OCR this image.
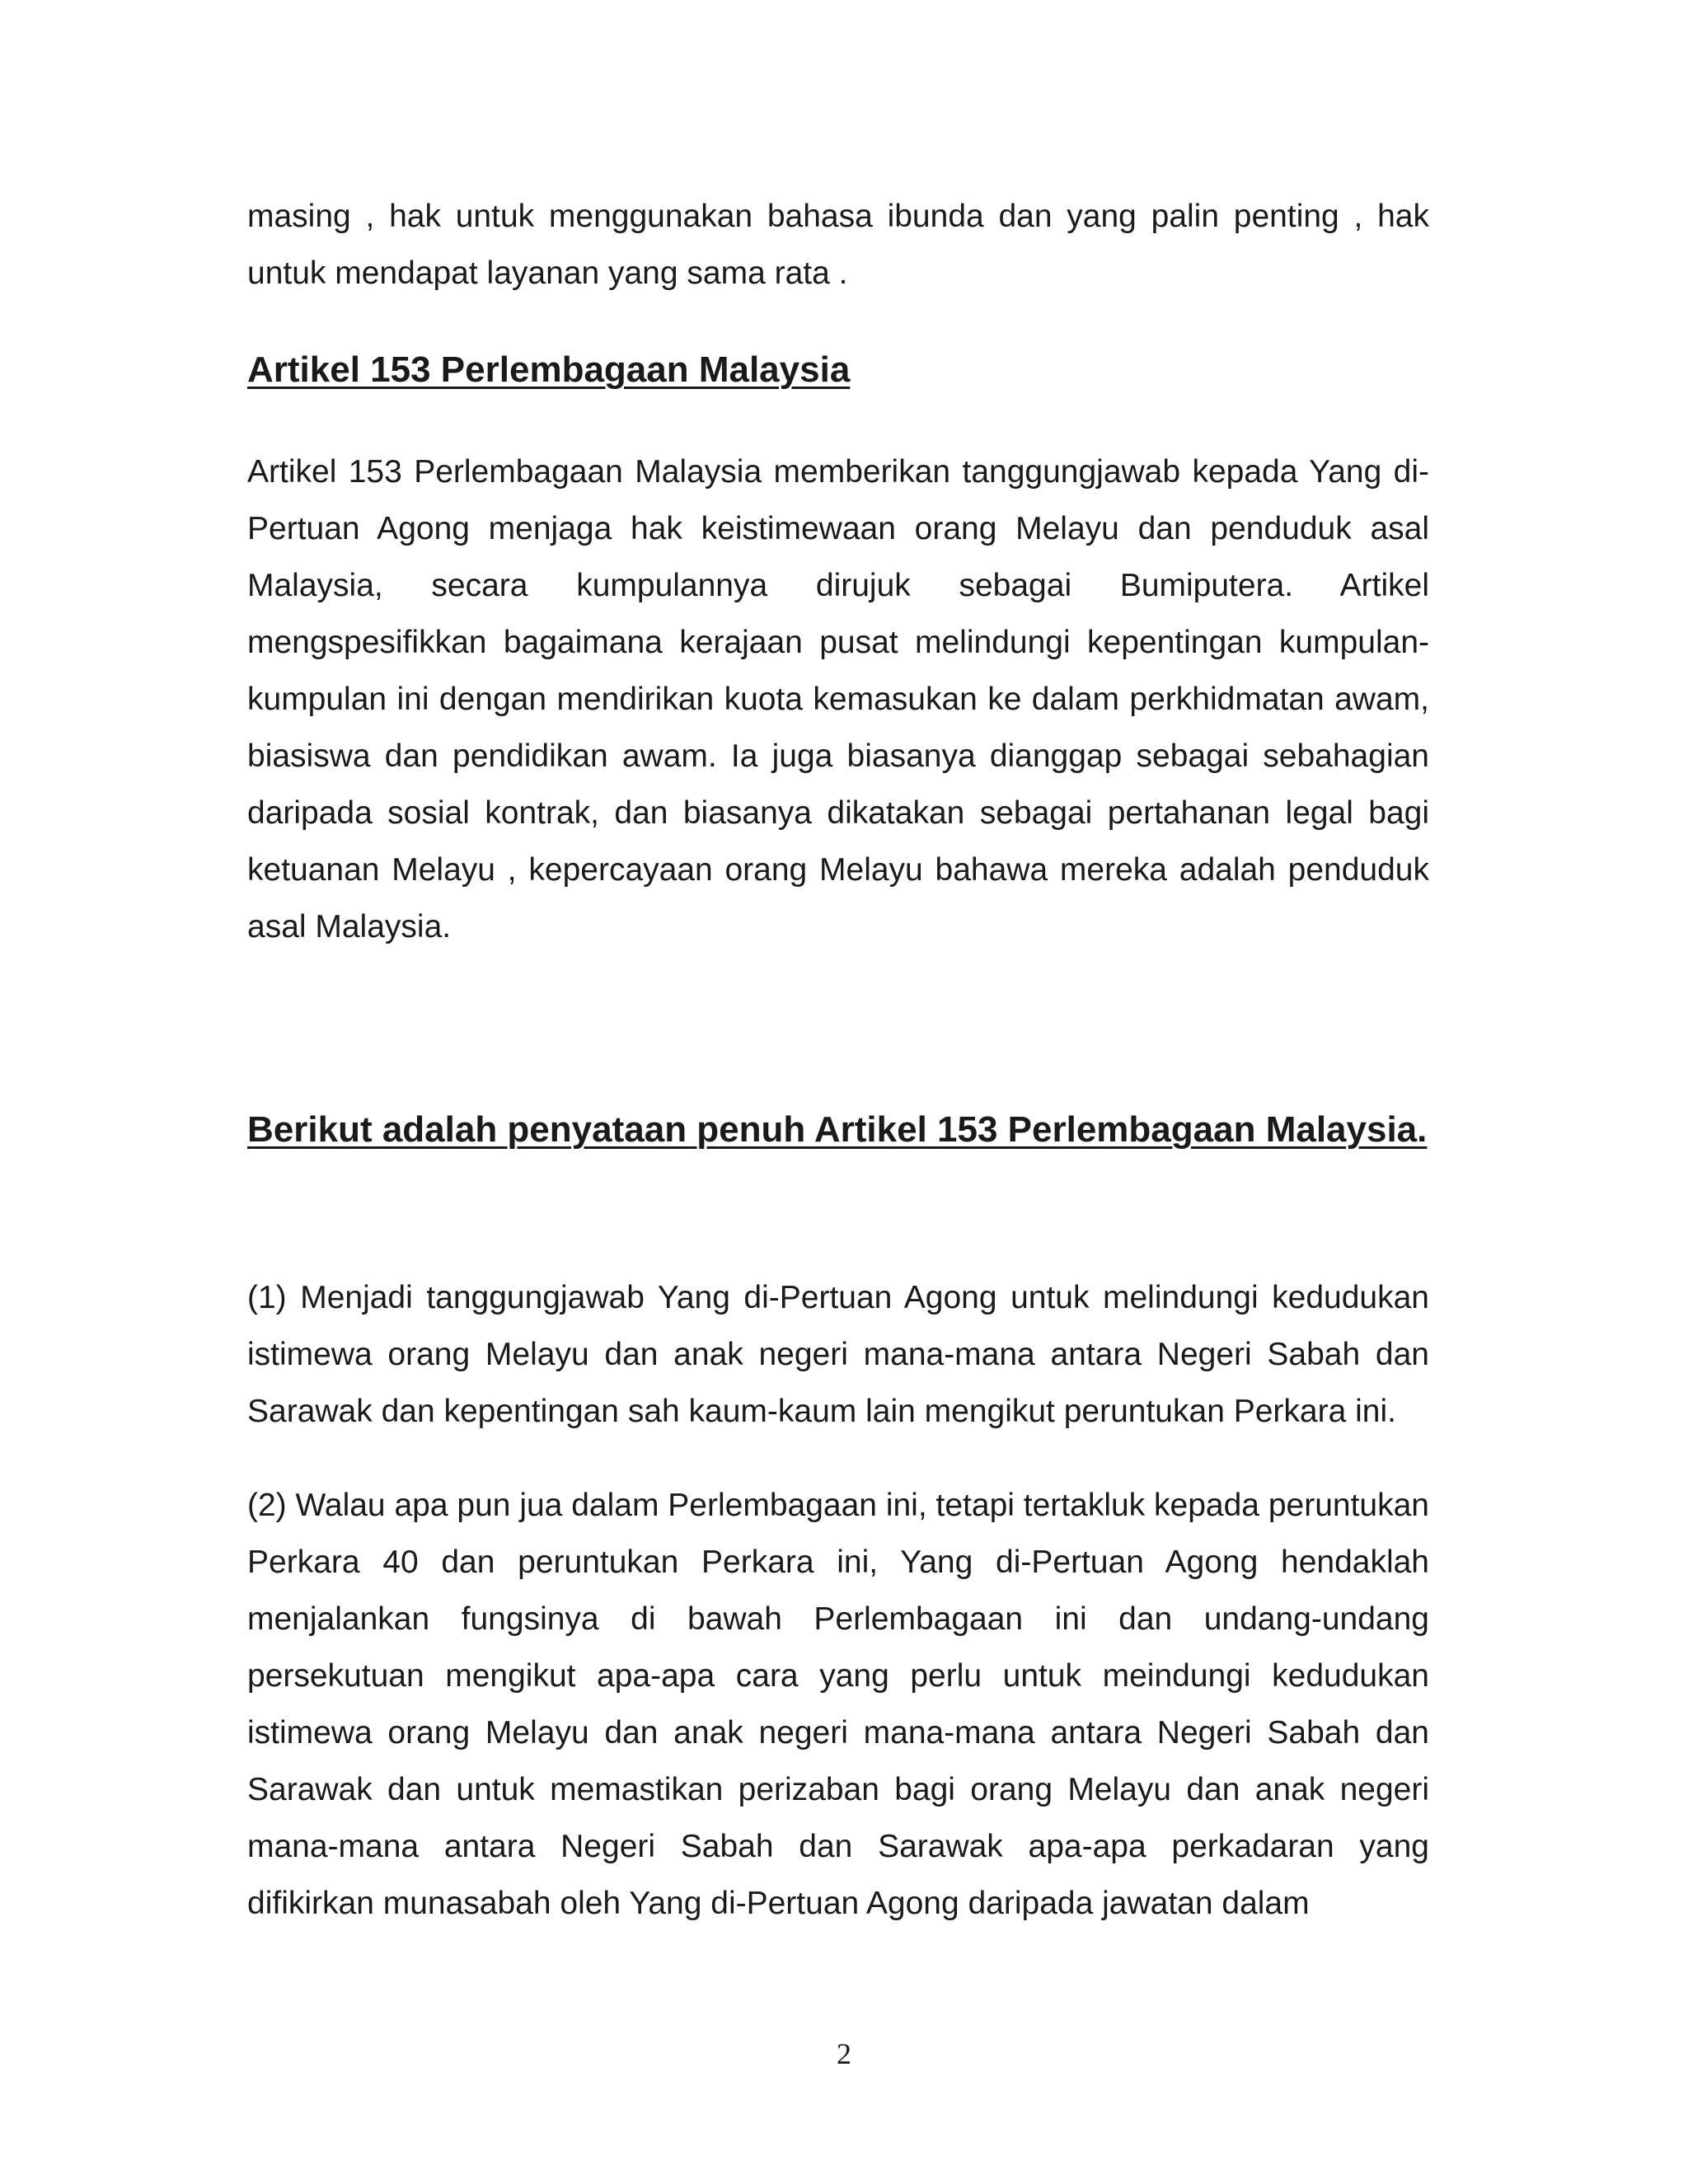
masing , hak untuk menggunakan bahasa ibunda dan yang palin penting , hak untuk mendapat layanan yang sama rata .

Artikel 153 Perlembagaan Malaysia

Artikel 153 Perlembagaan Malaysia memberikan tanggungjawab kepada Yang di-Pertuan Agong menjaga hak keistimewaan orang Melayu dan penduduk asal Malaysia, secara kumpulannya dirujuk sebagai Bumiputera. Artikel mengspesifikkan bagaimana kerajaan pusat melindungi kepentingan kumpulan-kumpulan ini dengan mendirikan kuota kemasukan ke dalam perkhidmatan awam, biasiswa dan pendidikan awam. Ia juga biasanya dianggap sebagai sebahagian daripada sosial kontrak, dan biasanya dikatakan sebagai pertahanan legal bagi ketuanan Melayu , kepercayaan orang Melayu bahawa mereka adalah penduduk asal Malaysia.

Berikut adalah penyataan penuh Artikel 153 Perlembagaan Malaysia.

(1) Menjadi tanggungjawab Yang di-Pertuan Agong untuk melindungi kedudukan istimewa orang Melayu dan anak negeri mana-mana antara Negeri Sabah dan Sarawak dan kepentingan sah kaum-kaum lain mengikut peruntukan Perkara ini.

(2) Walau apa pun jua dalam Perlembagaan ini, tetapi tertakluk kepada peruntukan Perkara 40 dan peruntukan Perkara ini, Yang di-Pertuan Agong hendaklah menjalankan fungsinya di bawah Perlembagaan ini dan undang-undang persekutuan mengikut apa-apa cara yang perlu untuk meindungi kedudukan istimewa orang Melayu dan anak negeri mana-mana antara Negeri Sabah dan Sarawak dan untuk memastikan perizaban bagi orang Melayu dan anak negeri mana-mana antara Negeri Sabah dan Sarawak apa-apa perkadaran yang difikirkan munasabah oleh Yang di-Pertuan Agong daripada jawatan dalam

2
